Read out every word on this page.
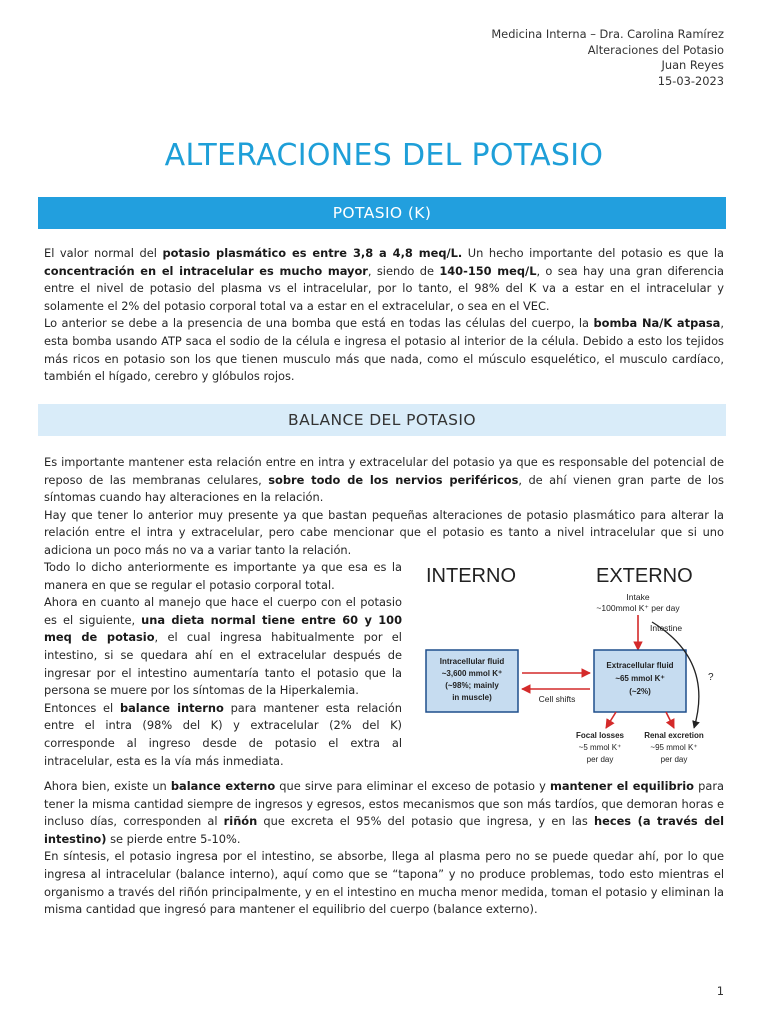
Medicina Interna – Dra. Carolina Ramírez
Alteraciones del Potasio
Juan Reyes
15-03-2023
ALTERACIONES DEL POTASIO
POTASIO (K)

El valor normal del potasio plasmático es entre 3,8 a 4,8 meq/L. Un hecho importante del potasio es que la concentración en el intracelular es mucho mayor, siendo de 140-150 meq/L, o sea hay una gran diferencia entre el nivel de potasio del plasma vs el intracelular, por lo tanto, el 98% del K va a estar en el intracelular y solamente el 2% del potasio corporal total va a estar en el extracelular, o sea en el VEC.

Lo anterior se debe a la presencia de una bomba que está en todas las células del cuerpo, la bomba Na/K atpasa, esta bomba usando ATP saca el sodio de la célula e ingresa el potasio al interior de la célula. Debido a esto los tejidos más ricos en potasio son los que tienen musculo más que nada, como el músculo esquelético, el musculo cardíaco, también el hígado, cerebro y glóbulos rojos.

BALANCE DEL POTASIO

Es importante mantener esta relación entre en intra y extracelular del potasio ya que es responsable del potencial de reposo de las membranas celulares, sobre todo de los nervios periféricos, de ahí vienen gran parte de los síntomas cuando hay alteraciones en la relación.

Hay que tener lo anterior muy presente ya que bastan pequeñas alteraciones de potasio plasmático para alterar la relación entre el intra y extracelular, pero cabe mencionar que el potasio es tanto a nivel intracelular que si uno adiciona un poco más no va a variar tanto la relación.

Todo lo dicho anteriormente es importante ya que esa es la manera en que se regular el potasio corporal total.

Ahora en cuanto al manejo que hace el cuerpo con el potasio es el siguiente, una dieta normal tiene entre 60 y 100 meq de potasio, el cual ingresa habitualmente por el intestino, si se quedara ahí en el extracelular después de ingresar por el intestino aumentaría tanto el potasio que la persona se muere por los síntomas de la Hiperkalemia.

Entonces el balance interno para mantener esta relación entre el intra (98% del K) y extracelular (2% del K) corresponde al ingreso desde de potasio el extra al intracelular, esta es la vía más inmediata.

INTERNO	EXTERNO
Intake
~100mmol K⁺ per day
Intestine
Intracellular fluid
~3,600 mmol K⁺
(~98%; mainly
in muscle)
Extracellular fluid
~65 mmol K⁺
(~2%)
Cell shifts
?
Focal losses
~5 mmol K⁺
per day
Renal excretion
~95 mmol K⁺
per day

Ahora bien, existe un balance externo que sirve para eliminar el exceso de potasio y mantener el equilibrio para tener la misma cantidad siempre de ingresos y egresos, estos mecanismos que son más tardíos, que demoran horas e incluso días, corresponden al riñón que excreta el 95% del potasio que ingresa, y en las heces (a través del intestino) se pierde entre 5-10%.

En síntesis, el potasio ingresa por el intestino, se absorbe, llega al plasma pero no se puede quedar ahí, por lo que ingresa al intracelular (balance interno), aquí como que se “tapona” y no produce problemas, todo esto mientras el organismo a través del riñón principalmente, y en el intestino en mucha menor medida, toman el potasio y eliminan la misma cantidad que ingresó para mantener el equilibrio del cuerpo (balance externo).

1
